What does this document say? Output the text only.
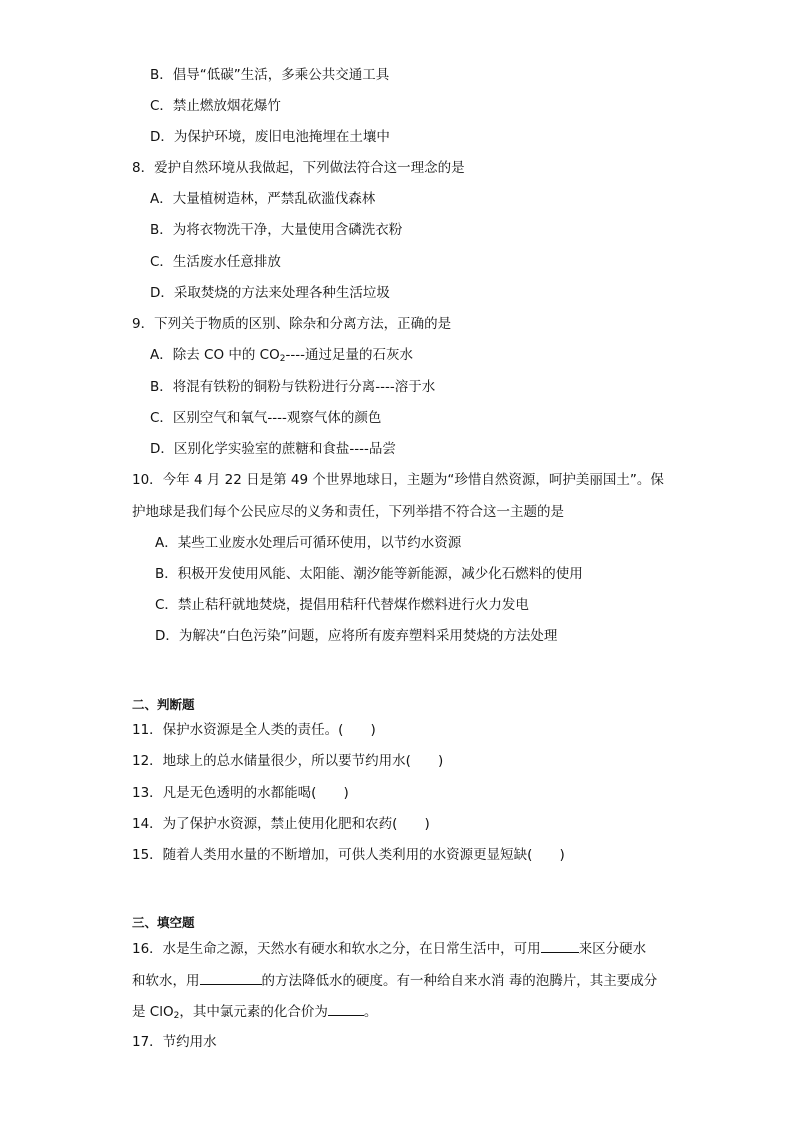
B．倡导“低碳”生活，多乘公共交通工具
C．禁止燃放烟花爆竹
D．为保护环境，废旧电池掩埋在土壤中
8．爱护自然环境从我做起，下列做法符合这一理念的是
A．大量植树造林，严禁乱砍滥伐森林
B．为将衣物洗干净，大量使用含磷洗衣粉
C．生活废水任意排放
D．采取焚烧的方法来处理各种生活垃圾
9．下列关于物质的区别、除杂和分离方法，正确的是
A．除去 CO 中的 $CO_2----$通过足量的石灰水
B．将混有铁粉的铜粉与铁粉进行分离----溶于水
C．区别空气和氧气----观察气体的颜色
D．区别化学实验室的蔗糖和食盐----品尝
10．今年 4 月 22 日是第 49 个世界地球日，主题为“珍惜自然资源，呵护美丽国土”。保
护地球是我们每个公民应尽的义务和责任，下列举措不符合这一主题的是
A．某些工业废水处理后可循环使用，以节约水资源
B．积极开发使用风能、太阳能、潮汐能等新能源，减少化石燃料的使用
C．禁止秸秆就地焚烧，提倡用秸秆代替煤作燃料进行火力发电
D．为解决“白色污染”问题，应将所有废弃塑料采用焚烧的方法处理
二、判断题
11．保护水资源是全人类的责任。(　　)
12．地球上的总水储量很少，所以要节约用水(　　)
13．凡是无色透明的水都能喝(　　)
14．为了保护水资源，禁止使用化肥和农药(　　)
15．随着人类用水量的不断增加，可供人类利用的水资源更显短缺(　　)
三、填空题
16．水是生命之源，天然水有硬水和软水之分，在日常生活中，可用	来区分硬水
和软水，用	的方法降低水的硬度。有一种给自来水消 毒的泡腾片，其主要成分
是 ClO$_2$，其中氯元素的化合价为	。
17．节约用水
